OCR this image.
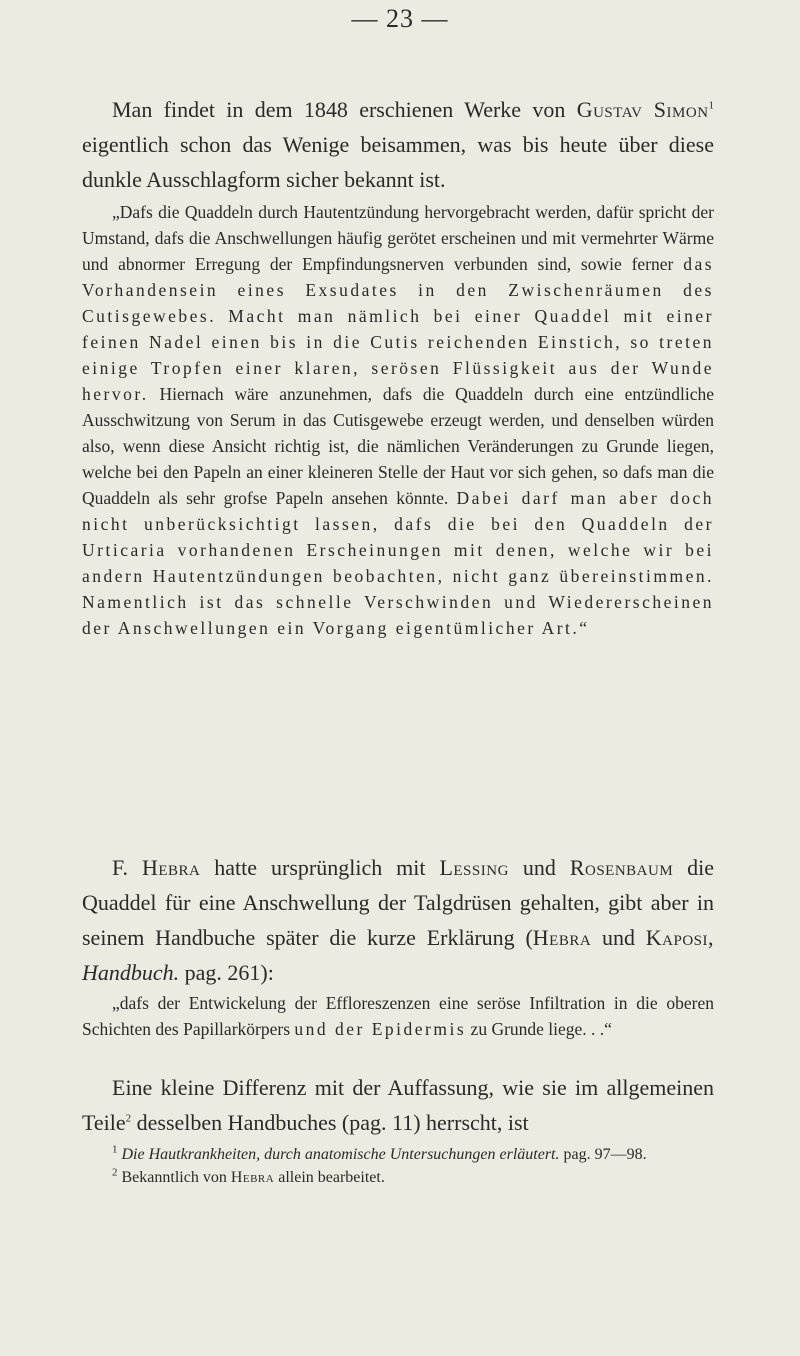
— 23 —

Man findet in dem 1848 erschienen Werke von Gustav Simon$^1$ eigentlich schon das Wenige beisammen, was bis heute über diese dunkle Ausschlagform sicher bekannt ist.

„Dafs die Quaddeln durch Hautentzündung hervorgebracht werden, dafür spricht der Umstand, dafs die Anschwellungen häufig gerötet erscheinen und mit vermehrter Wärme und abnormer Erregung der Empfindungsnerven verbunden sind, sowie ferner das Vorhandensein eines Exsudates in den Zwischenräumen des Cutisgewebes. Macht man nämlich bei einer Quaddel mit einer feinen Nadel einen bis in die Cutis reichenden Einstich, so treten einige Tropfen einer klaren, serösen Flüssigkeit aus der Wunde hervor. Hiernach wäre anzunehmen, dafs die Quaddeln durch eine entzündliche Ausschwitzung von Serum in das Cutisgewebe erzeugt werden, und denselben würden also, wenn diese Ansicht richtig ist, die nämlichen Veränderungen zu Grunde liegen, welche bei den Papeln an einer kleineren Stelle der Haut vor sich gehen, so dafs man die Quaddeln als sehr grofse Papeln ansehen könnte. Dabei darf man aber doch nicht unberücksichtigt lassen, dafs die bei den Quaddeln der Urticaria vorhandenen Erscheinungen mit denen, welche wir bei andern Hautentzündungen beobachten, nicht ganz übereinstimmen. Namentlich ist das schnelle Verschwinden und Wiedererscheinen der Anschwellungen ein Vorgang eigentümlicher Art.“

F. Hebra hatte ursprünglich mit Lessing und Rosenbaum die Quaddel für eine Anschwellung der Talgdrüsen gehalten, gibt aber in seinem Handbuche später die kurze Erklärung (Hebra und Kaposi, Handbuch. pag. 261):

„dafs der Entwickelung der Effloreszenzen eine seröse Infiltration in die oberen Schichten des Papillarkörpers und der Epidermis zu Grunde liege. . .“

Eine kleine Differenz mit der Auffassung, wie sie im allgemeinen Teile$^2$ desselben Handbuches (pag. 11) herrscht, ist

$^1$ Die Hautkrankheiten, durch anatomische Untersuchungen erläutert. pag. 97—98.

$^2$ Bekanntlich von Hebra allein bearbeitet.
